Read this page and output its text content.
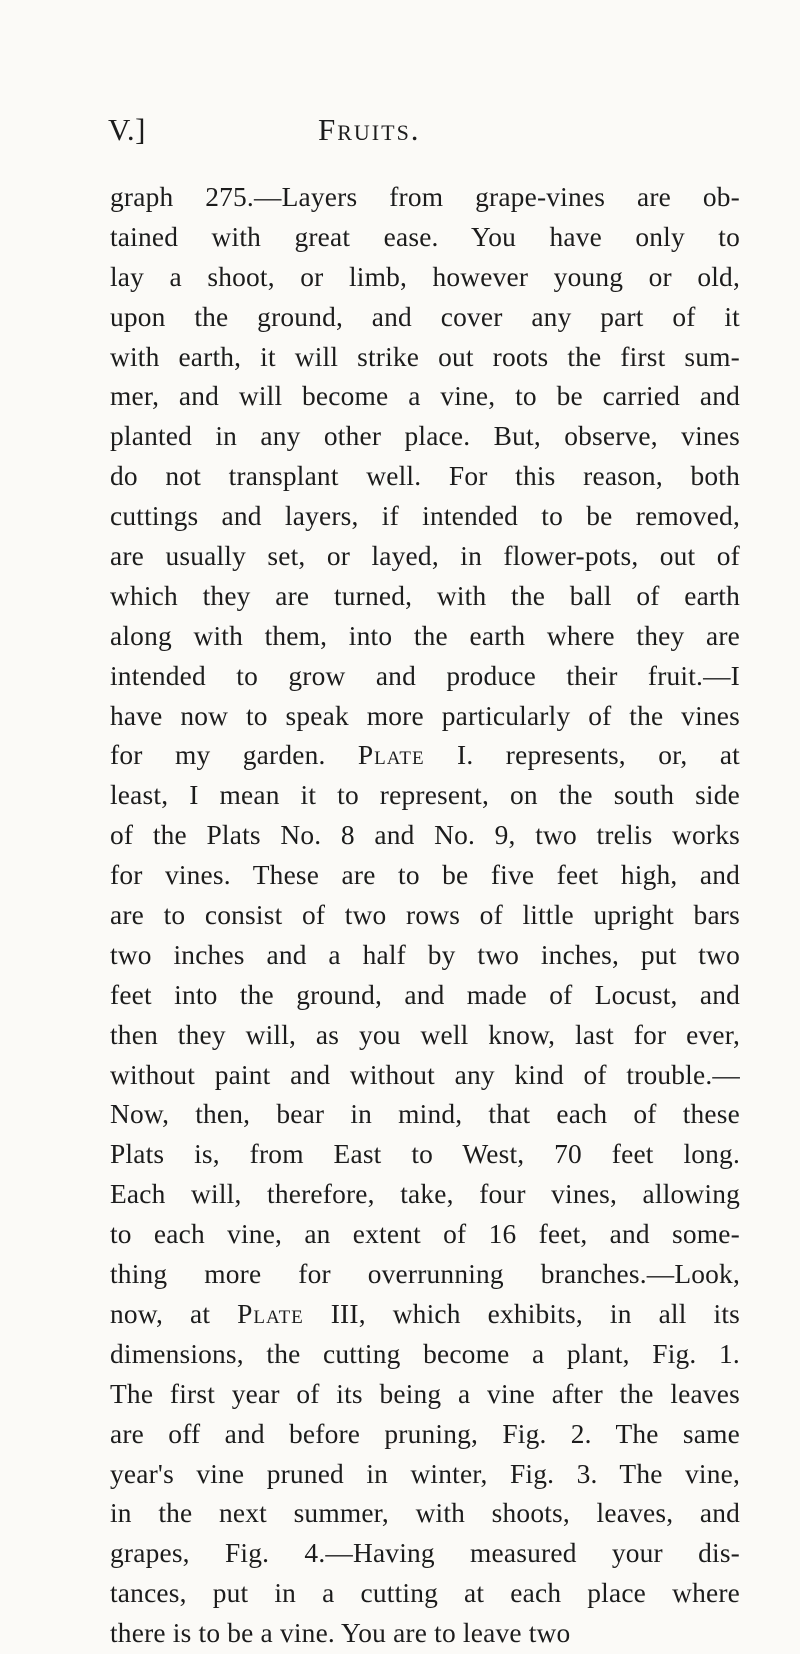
V.]	Fruits.
graph 275.—Layers from grape-vines are ob-
tained with great ease. You have only to
lay a shoot, or limb, however young or old,
upon the ground, and cover any part of it
with earth, it will strike out roots the first sum-
mer, and will become a vine, to be carried and
planted in any other place. But, observe, vines
do not transplant well. For this reason, both
cuttings and layers, if intended to be removed,
are usually set, or layed, in flower-pots, out of
which they are turned, with the ball of earth
along with them, into the earth where they are
intended to grow and produce their fruit.—I
have now to speak more particularly of the vines
for my garden. Plate I. represents, or, at
least, I mean it to represent, on the south side
of the Plats No. 8 and No. 9, two trelis works
for vines. These are to be five feet high, and
are to consist of two rows of little upright bars
two inches and a half by two inches, put two
feet into the ground, and made of Locust, and
then they will, as you well know, last for ever,
without paint and without any kind of trouble.—
Now, then, bear in mind, that each of these
Plats is, from East to West, 70 feet long.
Each will, therefore, take, four vines, allowing
to each vine, an extent of 16 feet, and some-
thing more for overrunning branches.—Look,
now, at Plate III, which exhibits, in all its
dimensions, the cutting become a plant, Fig. 1.
The first year of its being a vine after the leaves
are off and before pruning, Fig. 2. The same
year's vine pruned in winter, Fig. 3. The vine,
in the next summer, with shoots, leaves, and
grapes, Fig. 4.—Having measured your dis-
tances, put in a cutting at each place where
there is to be a vine. You are to leave two
